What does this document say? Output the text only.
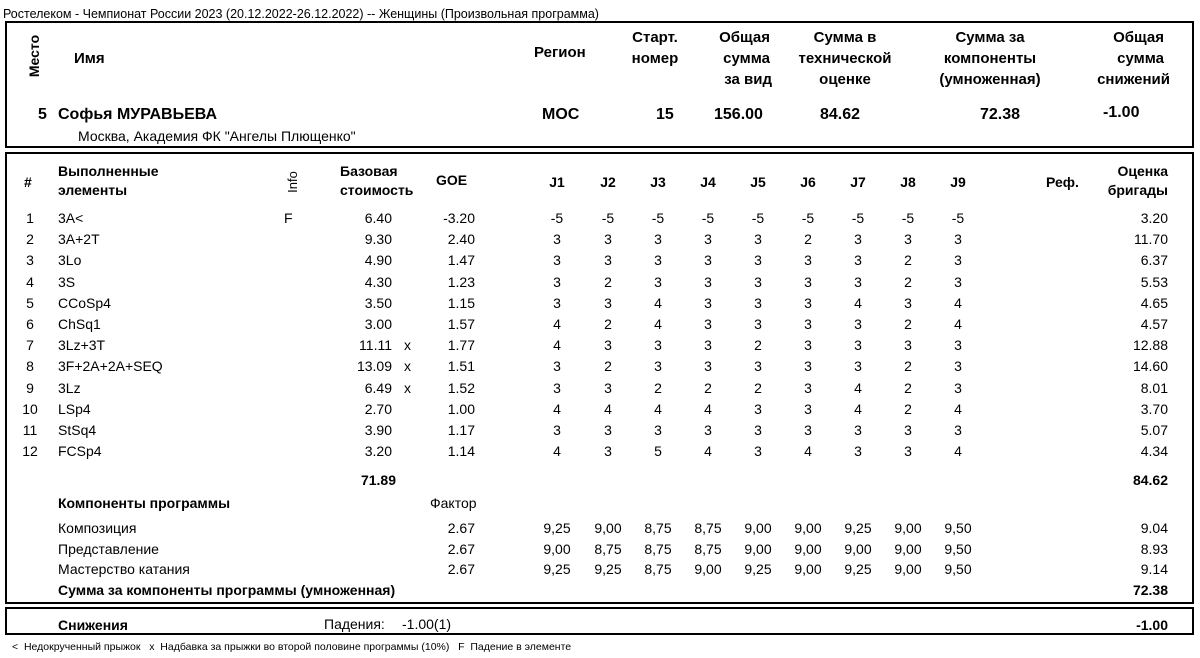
Ростелеком - Чемпионат России 2023 (20.12.2022-26.12.2022) -- Женщины (Произвольная программа)
Место Имя	Регион
Старт.
номер
Общая
сумма
за вид
Сумма в
технической
оценке
Сумма за
компоненты
(умноженная)
Общая
сумма
снижений
5 Софья МУРАВЬЕВА
Москва, Академия ФК "Ангелы Плющенко"
MOC	15	156.00	84.62	72.38	-1.00
#
Выполненные
элементы	Info
Базовая
стоимость
GOE	J1	J2	J3	J4	J5	J6	J7	J8	J9	Реф.
Оценка
бригады
1	3A<	F	6.40	-3.20	-5	-5	-5	-5	-5	-5	-5	-5	-5	3.20
2	3A+2T	9.30	2.40	3	3	3	3	3	2	3	3	3	11.70
3	3Lo	4.90	1.47	3	3	3	3	3	3	3	2	3	6.37
4	3S	4.30	1.23	3	2	3	3	3	3	3	2	3	5.53
5	CCoSp4	3.50	1.15	3	3	4	3	3	3	4	3	4	4.65
6	ChSq1	3.00	1.57	4	2	4	3	3	3	3	2	4	4.57
7	3Lz+3T	11.11 x	1.77	4	3	3	3	2	3	3	3	3	12.88
8	3F+2A+2A+SEQ	13.09 x	1.51	3	2	3	3	3	3	3	2	3	14.60
9	3Lz	6.49 x	1.52	3	3	2	2	2	3	4	2	3	8.01
10 LSp4	2.70	1.00	4	4	4	4	3	3	4	2	4	3.70
11 StSq4	3.90	1.17	3	3	3	3	3	3	3	3	3	5.07
12 FCSp4	3.20	1.14	4	3	5	4	3	4	3	3	4	4.34
71.89	84.62
Компоненты программы	Фактор
Композиция	2.67	9,25	9,00	8,75	8,75	9,00	9,00	9,25	9,00	9,50	9.04
Представление	2.67	9,00	8,75	8,75	8,75	9,00	9,00	9,00	9,00	9,50	8.93
Мастерство катания	2.67	9,25	9,25	8,75	9,00	9,25	9,00	9,25	9,00	9,50	9.14
Сумма за компоненты программы (умноженная)	72.38
Снижения	Падения: -1.00(1)	-1.00
<  Недокрученный прыжок   x  Надбавка за прыжки во второй половине программы (10%)   F  Падение в элементе
